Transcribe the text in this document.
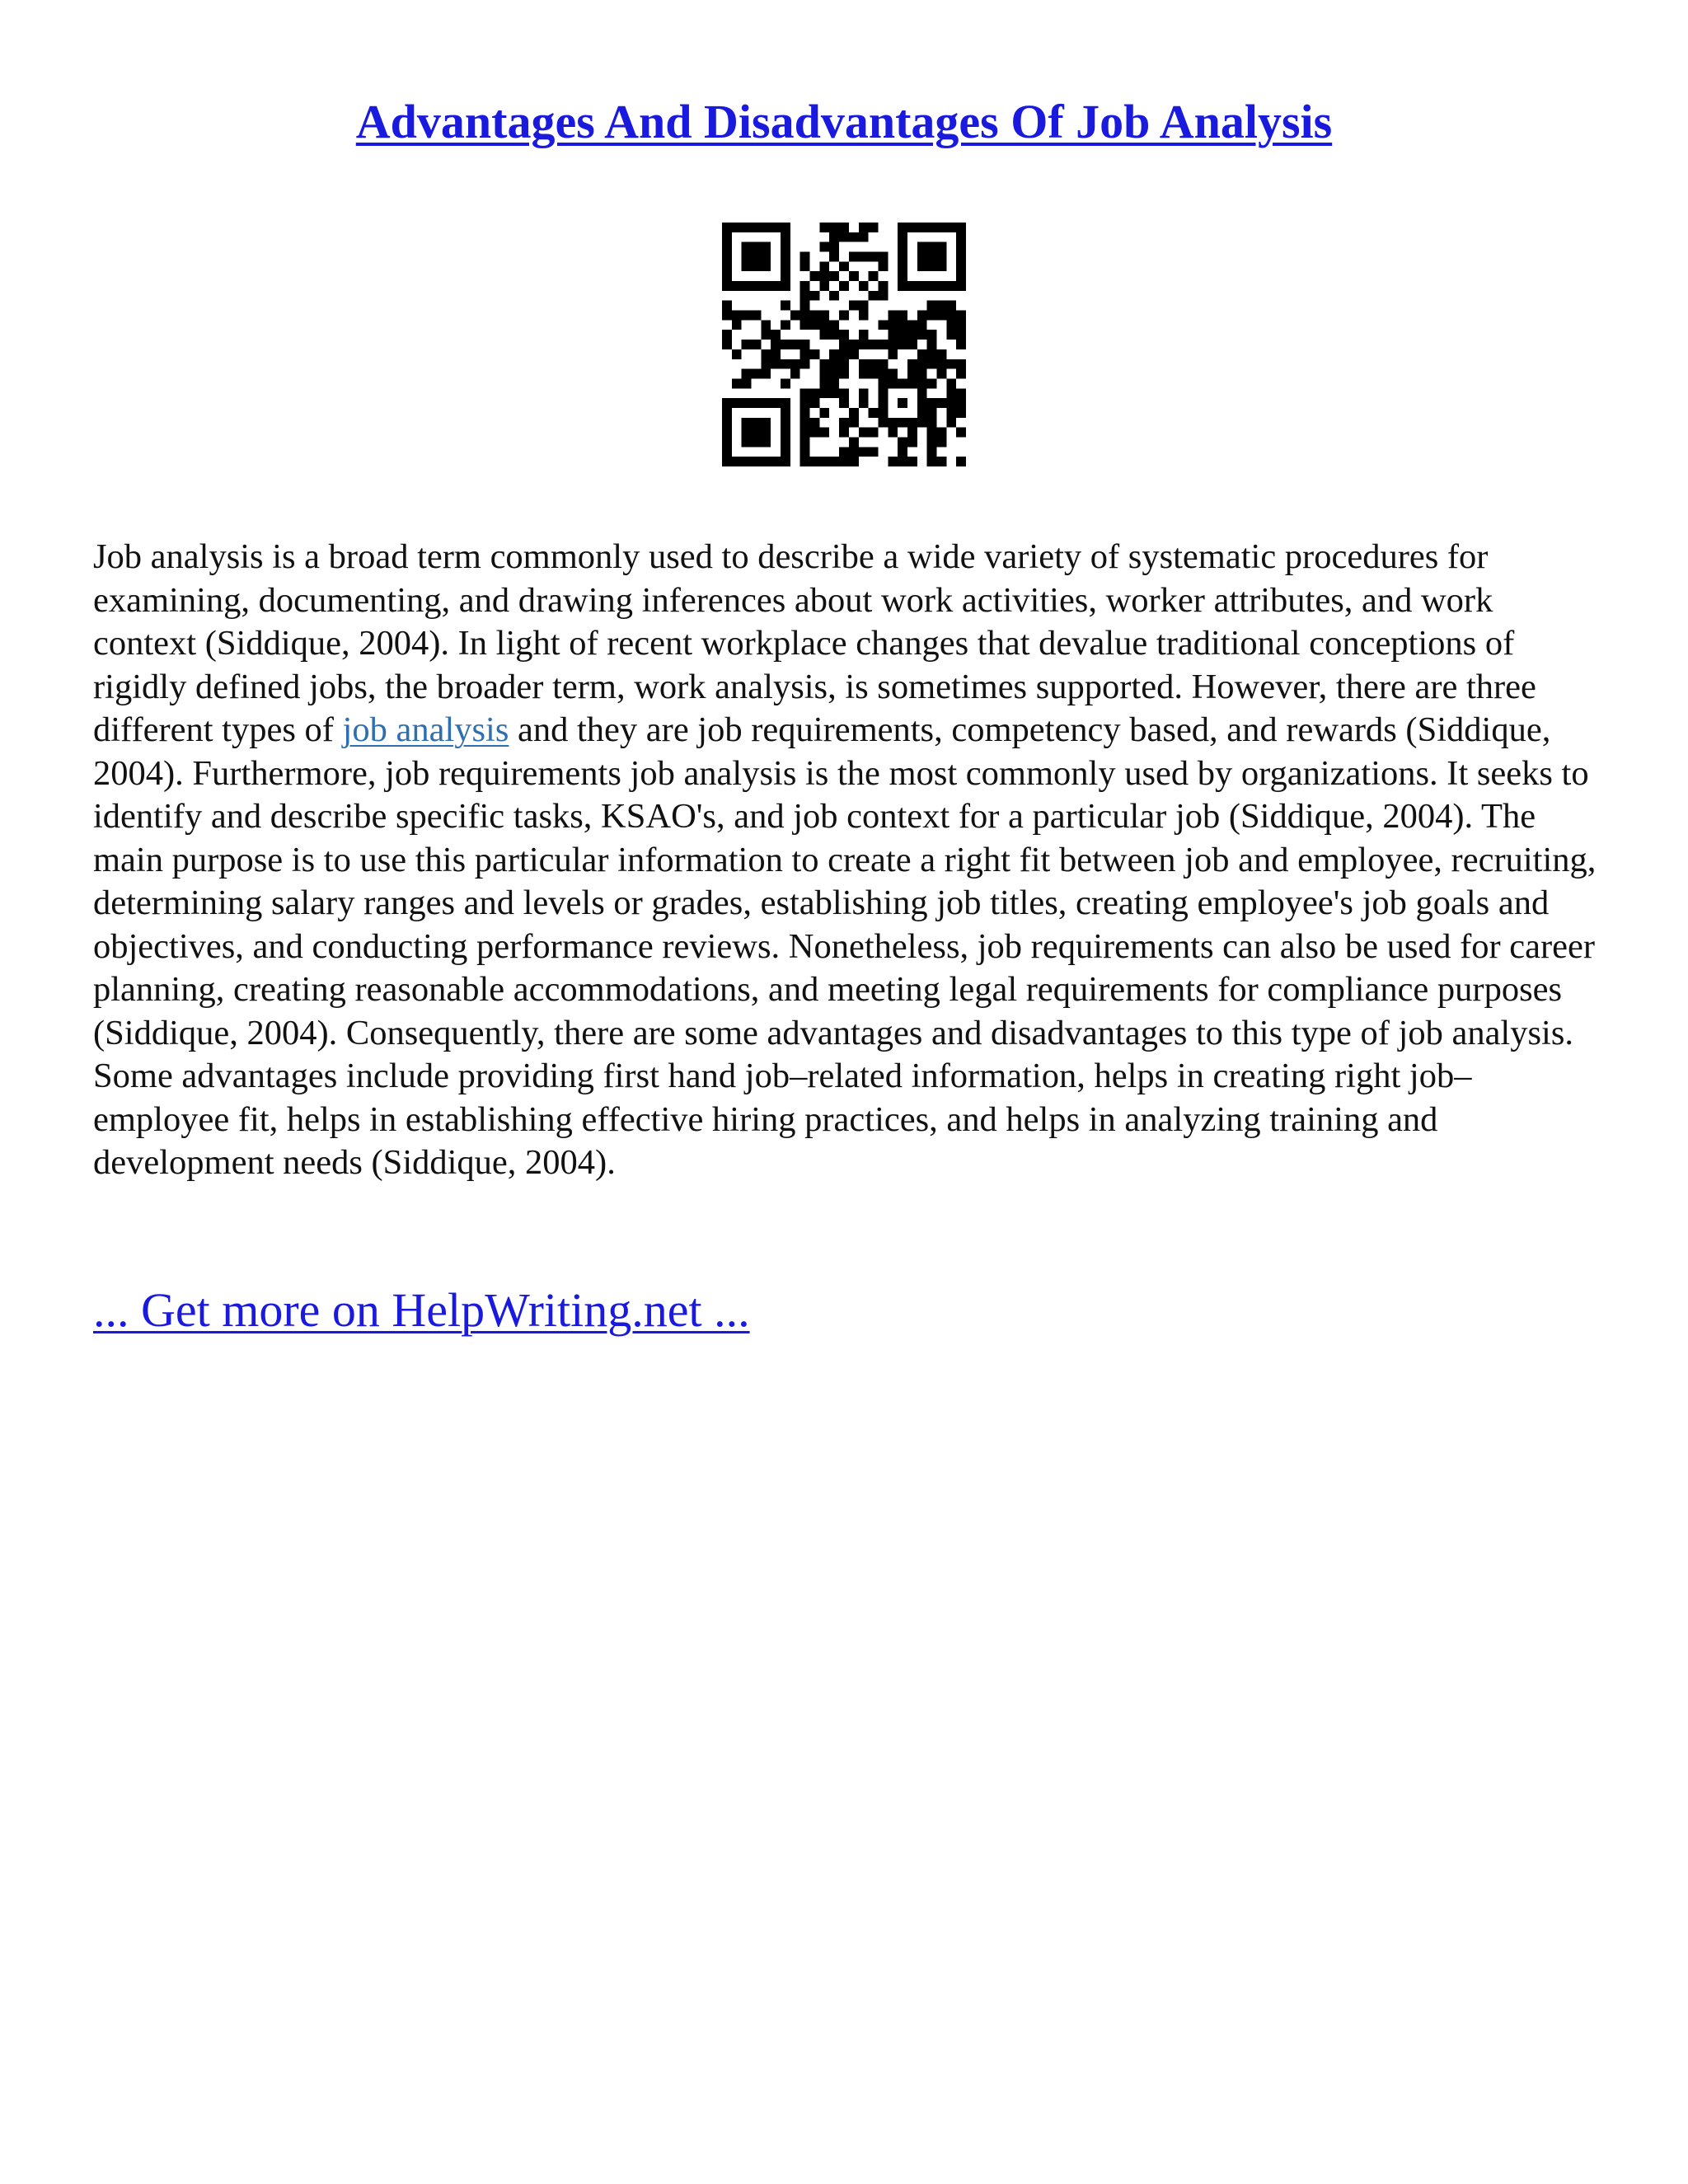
Advantages And Disadvantages Of Job Analysis

Job analysis is a broad term commonly used to describe a wide variety of systematic procedures for examining, documenting, and drawing inferences about work activities, worker attributes, and work context (Siddique, 2004). In light of recent workplace changes that devalue traditional conceptions of rigidly defined jobs, the broader term, work analysis, is sometimes supported. However, there are three different types of job analysis and they are job requirements, competency based, and rewards (Siddique, 2004). Furthermore, job requirements job analysis is the most commonly used by organizations. It seeks to identify and describe specific tasks, KSAO's, and job context for a particular job (Siddique, 2004). The main purpose is to use this particular information to create a right fit between job and employee, recruiting, determining salary ranges and levels or grades, establishing job titles, creating employee's job goals and objectives, and conducting performance reviews. Nonetheless, job requirements can also be used for career planning, creating reasonable accommodations, and meeting legal requirements for compliance purposes (Siddique, 2004). Consequently, there are some advantages and disadvantages to this type of job analysis. Some advantages include providing first hand job–related information, helps in creating right job–employee fit, helps in establishing effective hiring practices, and helps in analyzing training and development needs (Siddique, 2004).

... Get more on HelpWriting.net ...
